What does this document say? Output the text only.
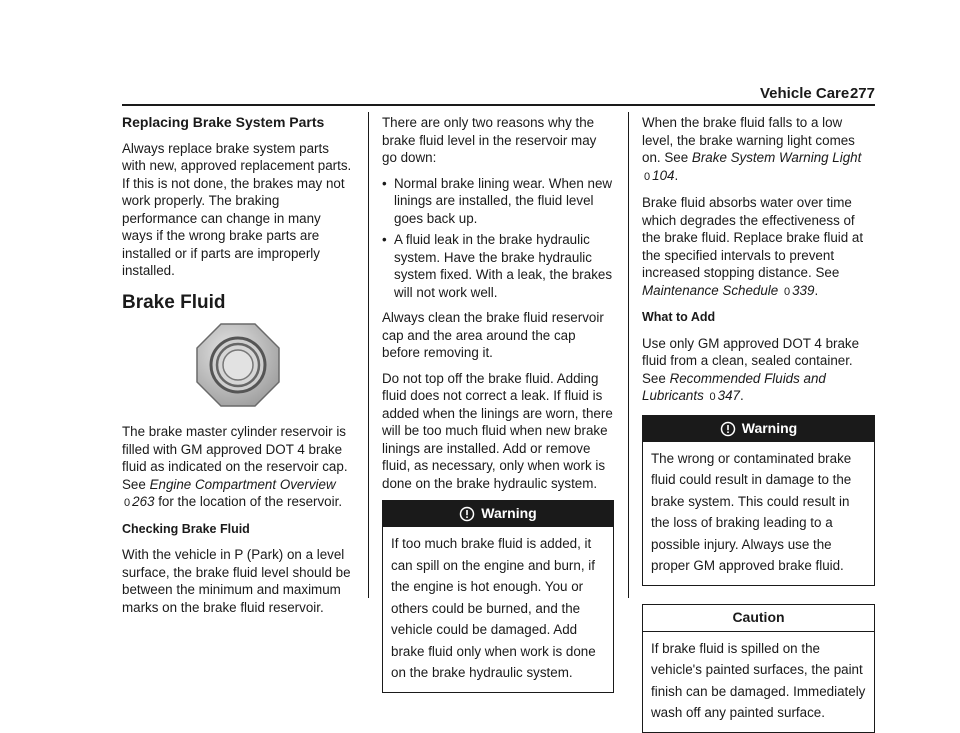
Vehicle Care 277
Replacing Brake System Parts

Always replace brake system parts with new, approved replacement parts. If this is not done, the brakes may not work properly. The braking performance can change in many ways if the wrong brake parts are installed or if parts are improperly installed.

Brake Fluid

The brake master cylinder reservoir is filled with GM approved DOT 4 brake fluid as indicated on the reservoir cap. See Engine Compartment Overview 0 263 for the location of the reservoir.

Checking Brake Fluid

With the vehicle in P (Park) on a level surface, the brake fluid level should be between the minimum and maximum marks on the brake fluid reservoir.

There are only two reasons why the brake fluid level in the reservoir may go down:

• Normal brake lining wear. When new linings are installed, the fluid level goes back up.
• A fluid leak in the brake hydraulic system. Have the brake hydraulic system fixed. With a leak, the brakes will not work well.

Always clean the brake fluid reservoir cap and the area around the cap before removing it.

Do not top off the brake fluid. Adding fluid does not correct a leak. If fluid is added when the linings are worn, there will be too much fluid when new brake linings are installed. Add or remove fluid, as necessary, only when work is done on the brake hydraulic system.

Warning
If too much brake fluid is added, it can spill on the engine and burn, if the engine is hot enough. You or others could be burned, and the vehicle could be damaged. Add brake fluid only when work is done on the brake hydraulic system.

When the brake fluid falls to a low level, the brake warning light comes on. See Brake System Warning Light 0 104.

Brake fluid absorbs water over time which degrades the effectiveness of the brake fluid. Replace brake fluid at the specified intervals to prevent increased stopping distance. See Maintenance Schedule 0 339.

What to Add

Use only GM approved DOT 4 brake fluid from a clean, sealed container. See Recommended Fluids and Lubricants 0 347.

Warning
The wrong or contaminated brake fluid could result in damage to the brake system. This could result in the loss of braking leading to a possible injury. Always use the proper GM approved brake fluid.
Caution
If brake fluid is spilled on the vehicle's painted surfaces, the paint finish can be damaged. Immediately wash off any painted surface.
